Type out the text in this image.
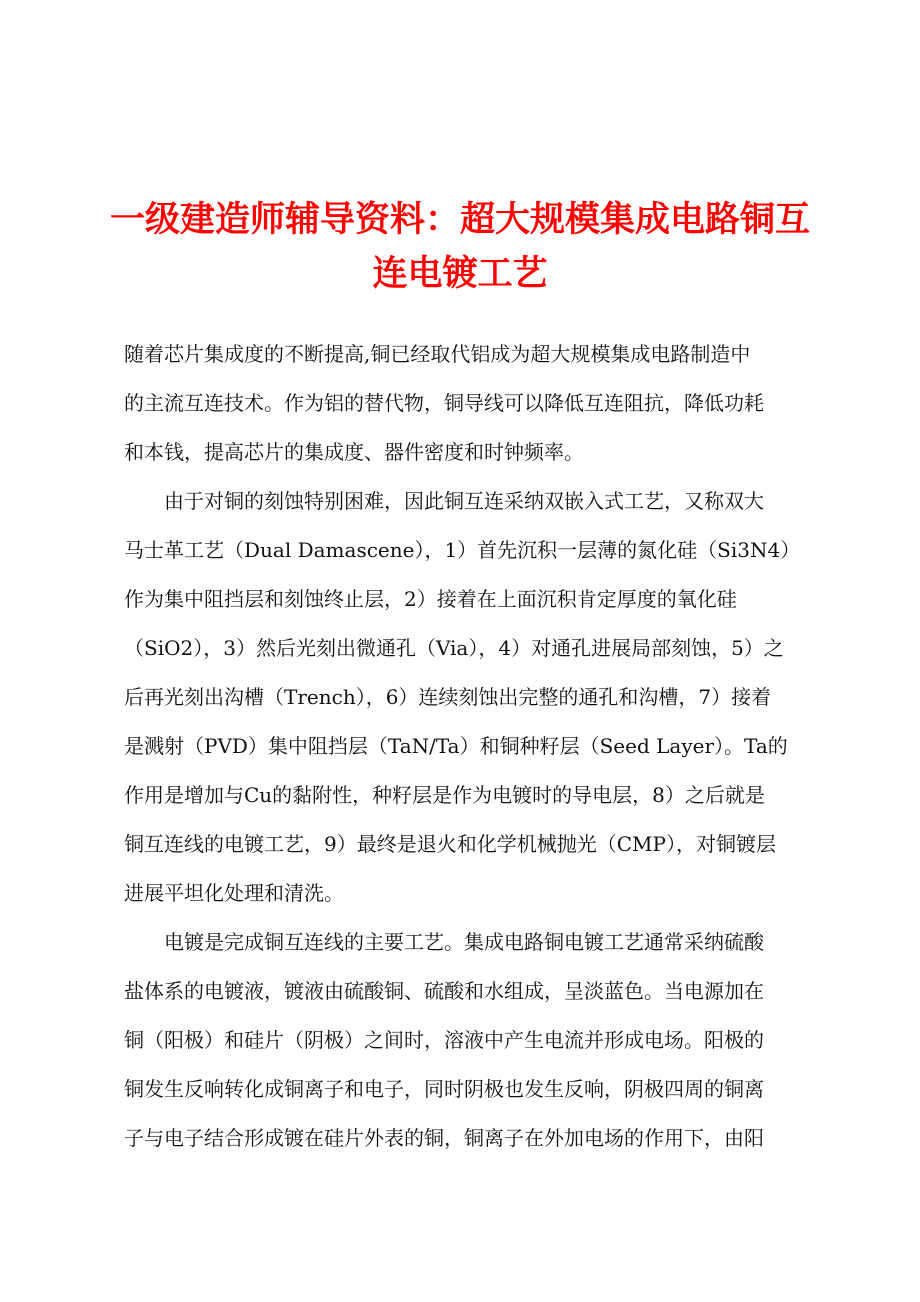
一级建造师辅导资料：超大规模集成电路铜互
连电镀工艺

随着芯片集成度的不断提高,铜已经取代铝成为超大规模集成电路制造中
的主流互连技术。作为铝的替代物，铜导线可以降低互连阻抗，降低功耗
和本钱，提高芯片的集成度、器件密度和时钟频率。

由于对铜的刻蚀特别困难，因此铜互连采纳双嵌入式工艺，又称双大
马士革工艺（Dual Damascene），1）首先沉积一层薄的氮化硅（Si3N4）
作为集中阻挡层和刻蚀终止层，2）接着在上面沉积肯定厚度的氧化硅
（SiO2），3）然后光刻出微通孔（Via），4）对通孔进展局部刻蚀，5）之
后再光刻出沟槽（Trench），6）连续刻蚀出完整的通孔和沟槽，7）接着
是溅射（PVD）集中阻挡层（TaN/Ta）和铜种籽层（Seed Layer）。Ta的
作用是增加与Cu的黏附性，种籽层是作为电镀时的导电层，8）之后就是
铜互连线的电镀工艺，9）最终是退火和化学机械抛光（CMP），对铜镀层
进展平坦化处理和清洗。

电镀是完成铜互连线的主要工艺。集成电路铜电镀工艺通常采纳硫酸
盐体系的电镀液，镀液由硫酸铜、硫酸和水组成，呈淡蓝色。当电源加在
铜（阳极）和硅片（阴极）之间时，溶液中产生电流并形成电场。阳极的
铜发生反响转化成铜离子和电子，同时阴极也发生反响，阴极四周的铜离
子与电子结合形成镀在硅片外表的铜，铜离子在外加电场的作用下，由阳
